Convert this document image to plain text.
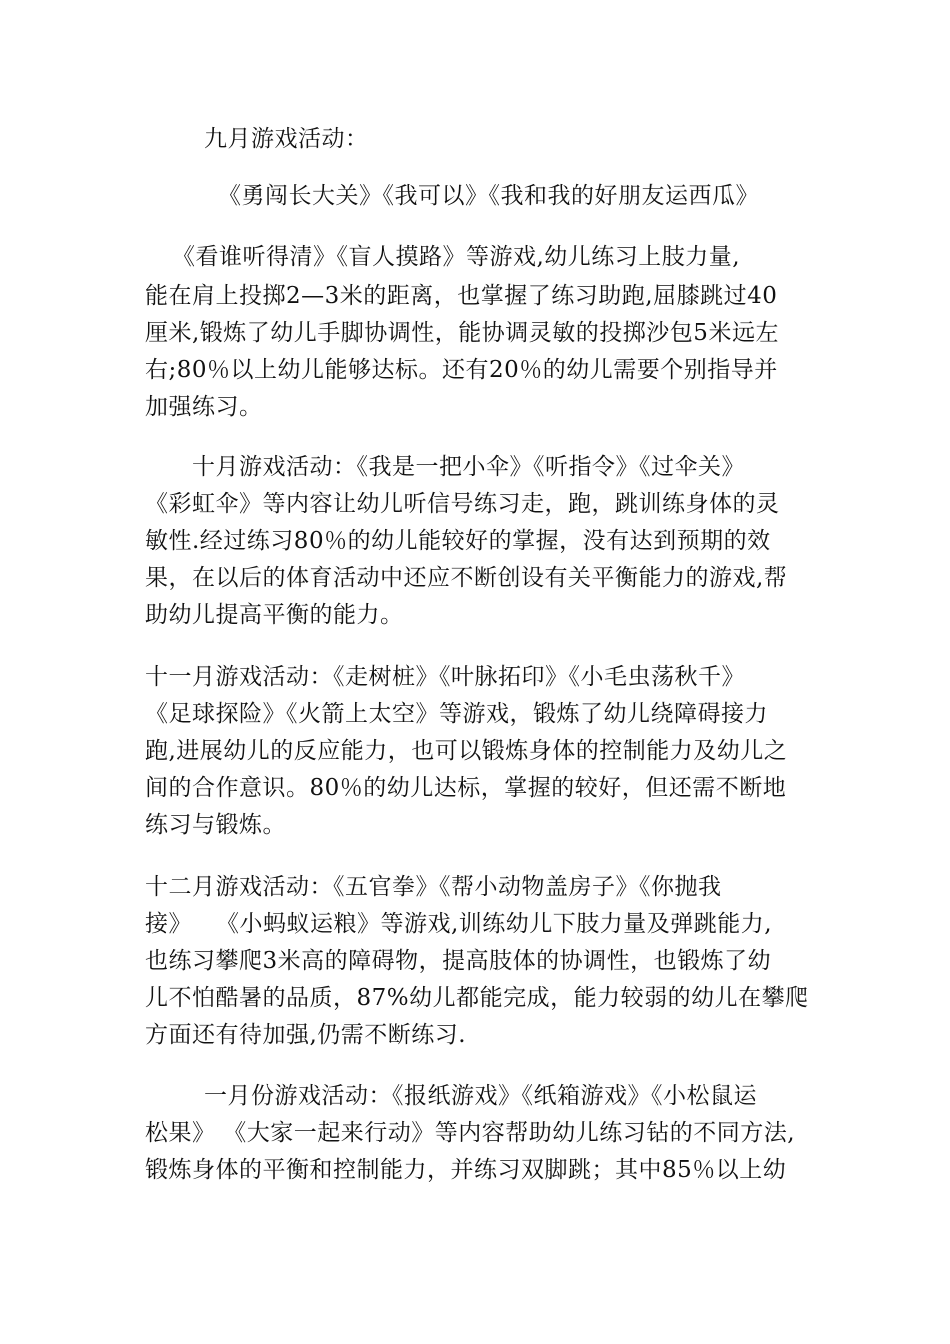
九月游戏活动：
《勇闯长大关》《我可以》《我和我的好朋友运西瓜》
《看谁听得清》《盲人摸路》等游戏,幼儿练习上肢力量,
能在肩上投掷2—3米的距离，也掌握了练习助跑,屈膝跳过40
厘米,锻炼了幼儿手脚协调性，能协调灵敏的投掷沙包5米远左
右;80％以上幼儿能够达标。还有20％的幼儿需要个别指导并
加强练习。
十月游戏活动：《我是一把小伞》《听指令》《过伞关》
《彩虹伞》等内容让幼儿听信号练习走，跑，跳训练身体的灵
敏性.经过练习80％的幼儿能较好的掌握，没有达到预期的效
果，在以后的体育活动中还应不断创设有关平衡能力的游戏,帮
助幼儿提高平衡的能力。
十一月游戏活动：《走树桩》《叶脉拓印》《小毛虫荡秋千》
《足球探险》《火箭上太空》等游戏，锻炼了幼儿绕障碍接力
跑,进展幼儿的反应能力，也可以锻炼身体的控制能力及幼儿之
间的合作意识。80％的幼儿达标，掌握的较好，但还需不断地
练习与锻炼。
十二月游戏活动：《五官拳》《帮小动物盖房子》《你抛我
接》　　《小蚂蚁运粮》等游戏,训练幼儿下肢力量及弹跳能力,
也练习攀爬3米高的障碍物，提高肢体的协调性，也锻炼了幼
儿不怕酷暑的品质，87%幼儿都能完成，能力较弱的幼儿在攀爬
方面还有待加强,仍需不断练习.
一月份游戏活动：《报纸游戏》《纸箱游戏》《小松鼠运
松果》 《大家一起来行动》等内容帮助幼儿练习钻的不同方法,
锻炼身体的平衡和控制能力，并练习双脚跳；其中85％以上幼
